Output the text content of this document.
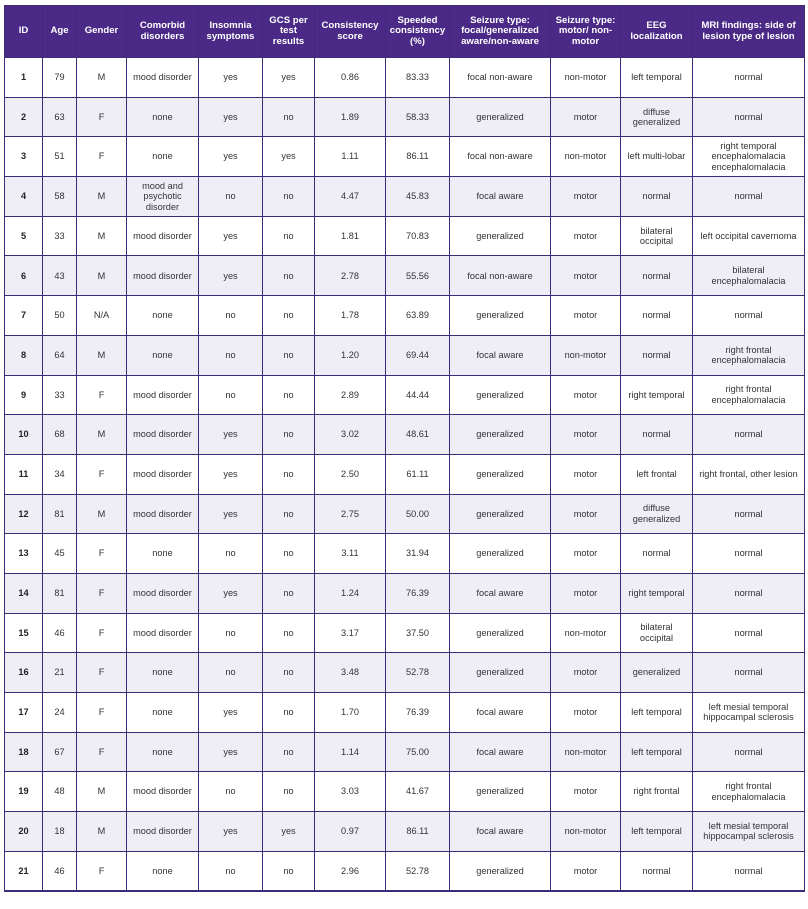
ID	Age	Gender	Comorbid disorders	Insomnia symptoms	GCS per test results	Consistency score	Speeded consistency (%)	Seizure type: focal/generalized aware/non-aware	Seizure type: motor/ non-motor	EEG localization	MRI findings: side of lesion type of lesion
1	79	M	mood disorder	yes	yes	0.86	83.33	focal non-aware	non-motor	left temporal	normal
2	63	F	none	yes	no	1.89	58.33	generalized	motor	diffuse generalized	normal
3	51	F	none	yes	yes	1.11	86.11	focal non-aware	non-motor	left multi-lobar	right temporal encephalomalacia encephalomalacia
4	58	M	mood and psychotic disorder	no	no	4.47	45.83	focal aware	motor	normal	normal
5	33	M	mood disorder	yes	no	1.81	70.83	generalized	motor	bilateral occipital	left occipital cavernoma
6	43	M	mood disorder	yes	no	2.78	55.56	focal non-aware	motor	normal	bilateral encephalomalacia
7	50	N/A	none	no	no	1.78	63.89	generalized	motor	normal	normal
8	64	M	none	no	no	1.20	69.44	focal aware	non-motor	normal	right frontal encephalomalacia
9	33	F	mood disorder	no	no	2.89	44.44	generalized	motor	right temporal	right frontal encephalomalacia
10	68	M	mood disorder	yes	no	3.02	48.61	generalized	motor	normal	normal
11	34	F	mood disorder	yes	no	2.50	61.11	generalized	motor	left frontal	right frontal, other lesion
12	81	M	mood disorder	yes	no	2.75	50.00	generalized	motor	diffuse generalized	normal
13	45	F	none	no	no	3.11	31.94	generalized	motor	normal	normal
14	81	F	mood disorder	yes	no	1.24	76.39	focal aware	motor	right temporal	normal
15	46	F	mood disorder	no	no	3.17	37.50	generalized	non-motor	bilateral occipital	normal
16	21	F	none	no	no	3.48	52.78	generalized	motor	generalized	normal
17	24	F	none	yes	no	1.70	76.39	focal aware	motor	left temporal	left mesial temporal hippocampal sclerosis
18	67	F	none	yes	no	1.14	75.00	focal aware	non-motor	left temporal	normal
19	48	M	mood disorder	no	no	3.03	41.67	generalized	motor	right frontal	right frontal encephalomalacia
20	18	M	mood disorder	yes	yes	0.97	86.11	focal aware	non-motor	left temporal	left mesial temporal hippocampal sclerosis
21	46	F	none	no	no	2.96	52.78	generalized	motor	normal	normal
